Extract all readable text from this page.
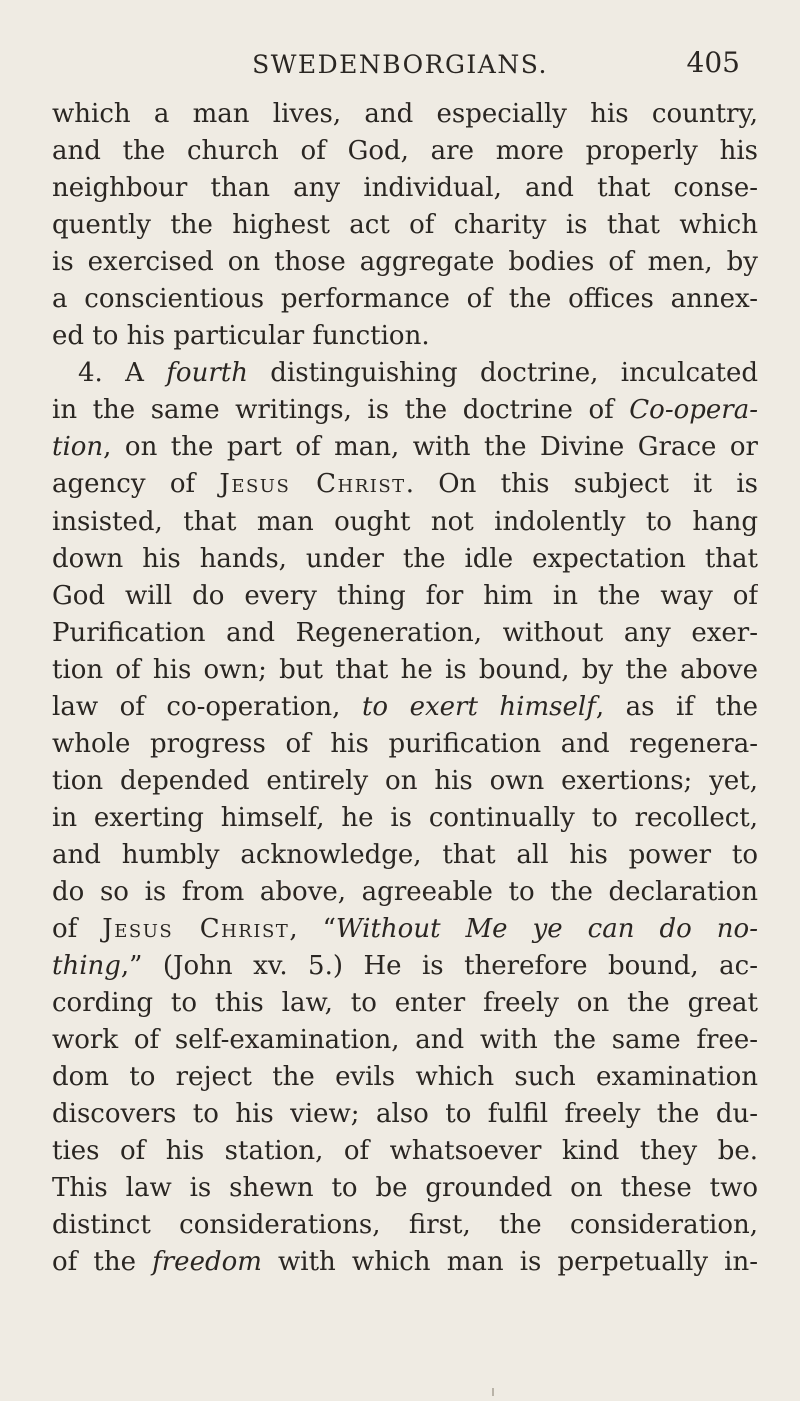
SWEDENBORGIANS.	405
which a man lives, and especially his country,
and the church of God, are more properly his
neighbour than any individual, and that conse-
quently the highest act of charity is that which
is exercised on those aggregate bodies of men, by
a conscientious performance of the offices annex-
ed to his particular function.
4. A fourth distinguishing doctrine, inculcated
in the same writings, is the doctrine of Co-opera-
tion, on the part of man, with the Divine Grace or
agency of Jesus Christ. On this subject it is
insisted, that man ought not indolently to hang
down his hands, under the idle expectation that
God will do every thing for him in the way of
Purification and Regeneration, without any exer-
tion of his own; but that he is bound, by the above
law of co-operation, to exert himself, as if the
whole progress of his purification and regenera-
tion depended entirely on his own exertions; yet,
in exerting himself, he is continually to recollect,
and humbly acknowledge, that all his power to
do so is from above, agreeable to the declaration
of Jesus Christ, “Without Me ye can do no-
thing,” (John xv. 5.) He is therefore bound, ac-
cording to this law, to enter freely on the great
work of self-examination, and with the same free-
dom to reject the evils which such examination
discovers to his view; also to fulfil freely the du-
ties of his station, of whatsoever kind they be.
This law is shewn to be grounded on these two
distinct considerations, first, the consideration,
of the freedom with which man is perpetually in-
